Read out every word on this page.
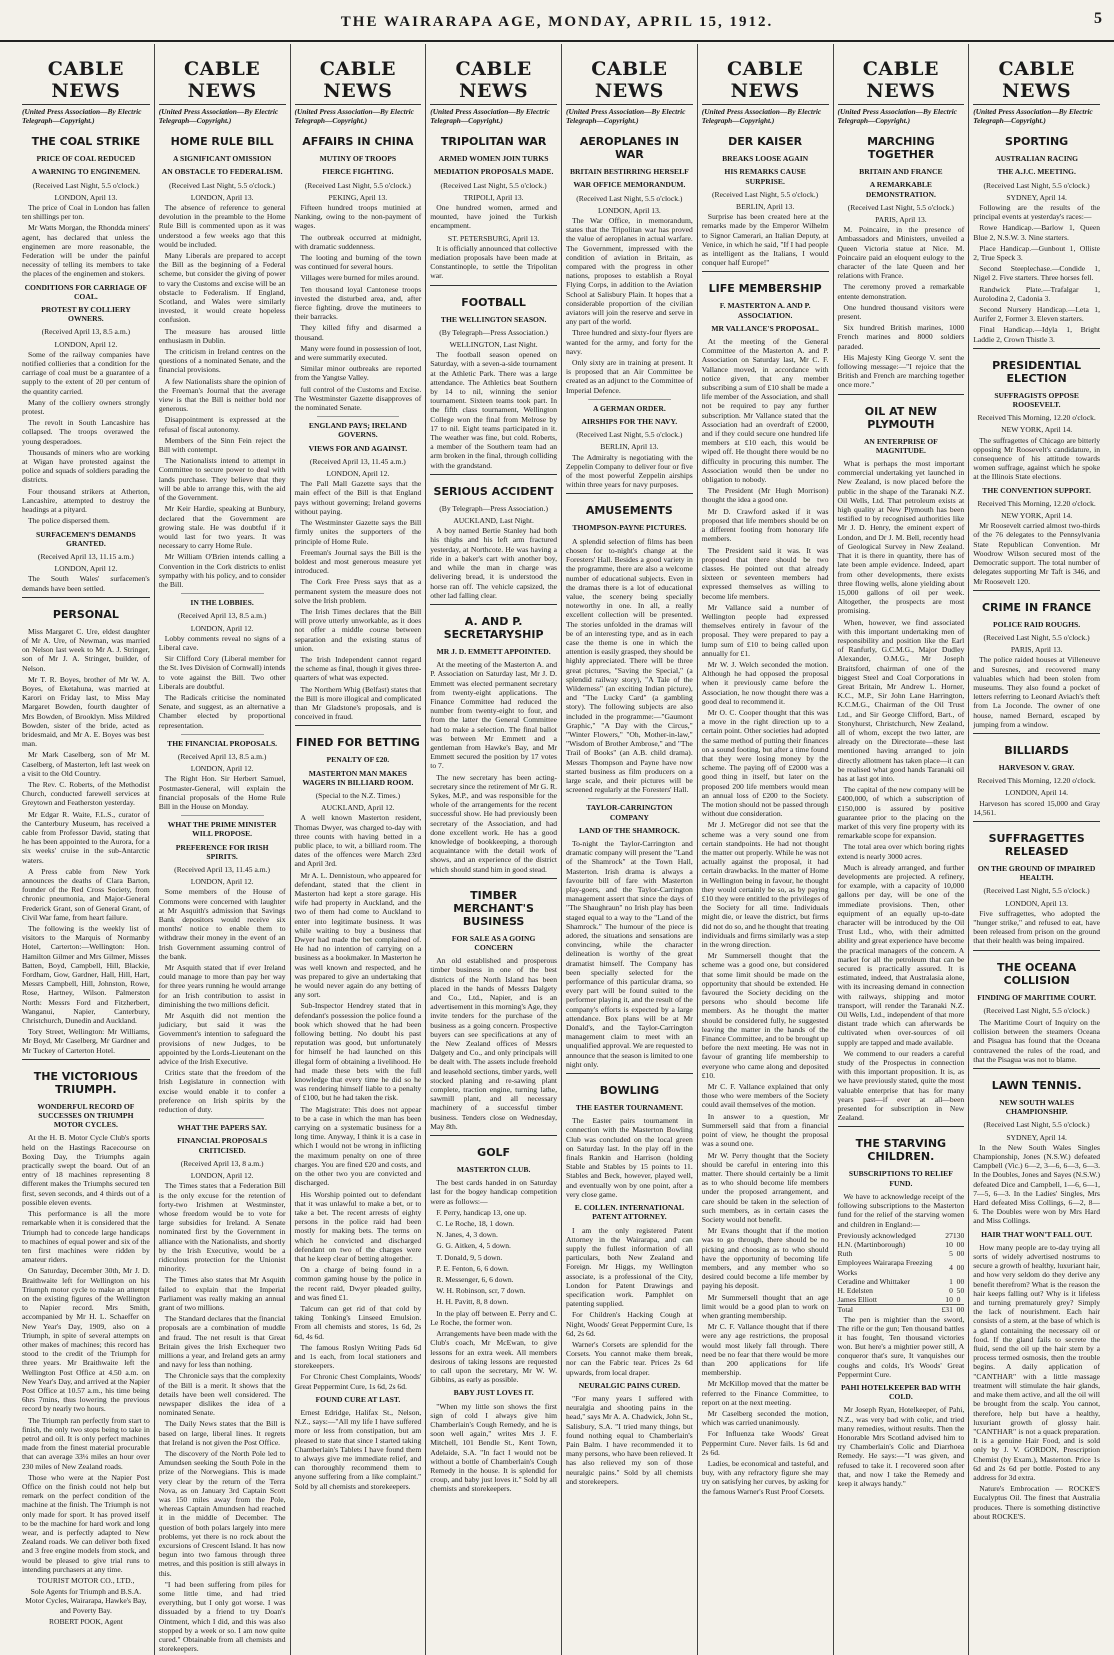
THE WAIRARAPA AGE, MONDAY, APRIL 15, 1912.	5
CABLE NEWS
(United Press Association—By Electric Telegraph—Copyright.)
THE COAL STRIKE
PRICE OF COAL REDUCED
A WARNING TO ENGINEMEN.
(Received Last Night, 5.5 o'clock.)
LONDON, April 13.

The price of Coal in London has fallen ten shillings per ton.

Mr Watts Morgan, the Rhondda miners' agent, has declared that unless the enginemen are more reasonable, the Federation will be under the painful necessity of telling its members to take the places of the enginemen and stokers.

CONDITIONS FOR CARRIAGE OF COAL.
PROTEST BY COLLIERY OWNERS.
(Received April 13, 8.5 a.m.)
LONDON, April 12.

Some of the railway companies have notified collieries that a condition for the carriage of coal must be a guarantee of a supply to the extent of 20 per centum of the quantity carried.

Many of the colliery owners strongly protest.

The revolt in South Lancashire has collapsed. The troops overawed the young desperadoes.

Thousands of miners who are working at Wigan have protested against the police and squads of soldiers parading the districts.

Four thousand strikers at Atherton, Lancashire, attempted to destroy the headings at a pityard.

The police dispersed them.

SURFACEMEN'S DEMANDS GRANTED.
(Received April 13, 11.15 a.m.)
LONDON, April 12.

The South Wales' surfacemen's demands have been settled.

PERSONAL

Miss Margaret C. Ure, eldest daughter of Mr A. Ure, of Newman, was married on Nelson last week to Mr A. J. Stringer, son of Mr J. A. Stringer, builder, of Nelson.

Mr T. R. Boyes, brother of Mr W. A. Boyes, of Eketahuna, was married at Karori on Friday last, to Miss May Margaret Bowden, fourth daughter of Mrs Bowden, of Brooklyn. Miss Mildred Bowden, sister of the bride, acted as bridesmaid, and Mr A. E. Boyes was best man.

Mr Mark Caselberg, son of Mr M. Caselberg, of Masterton, left last week on a visit to the Old Country.

The Rev. C. Roberts, of the Methodist Church, conducted farewell services at Greytown and Featherston yesterday.

Mr Edgar R. Waite, F.L.S., curator of the Canterbury Museum, has received a cable from Professor David, stating that he has been appointed to the Aurora, for a six weeks' cruise in the sub-Antarctic waters.

A Press cable from New York announces the deaths of Clara Barton, founder of the Red Cross Society, from chronic pneumonia, and Major-General Frederick Grant, son of General Grant, of Civil War fame, from heart failure.

The following is the weekly list of visitors to the Marquis of Normanby Hotel, Carterton:—Wellington: Hon. Hamilton Gilmer and Mrs Gilmer, Misses Batten, Boyd, Campbell, Hill, Blackie, Fordham, Gow, Gardner, Hall, Hill, Hart, Messrs Campbell, Hill, Johnston, Rowe, Rose, Hartney, Wilson. Palmerston North: Messrs Ford and Fitzherbert, Wanganui, Napier, Canterbury, Christchurch, Dunedin and Auckland.

Tory Street, Wellington: Mr Williams, Mr Boyd, Mr Caselberg, Mr Gardner and Mr Tuckey of Carterton Hotel.

THE VICTORIOUS TRIUMPH.
WONDERFUL RECORD OF SUCCESSES ON TRIUMPH MOTOR CYCLES.

At the H. B. Motor Cycle Club's sports held on the Hastings Racecourse on Boxing Day, the Triumphs again practically swept the board. Out of an entry of 18 machines representing 8 different makes the Triumphs secured ten first, seven seconds, and 4 thirds out of a possible eleven events.

This performance is all the more remarkable when it is considered that the Triumph had to concede large handicaps to machines of equal power and six of the ten first machines were ridden by amateur riders.

On Saturday, December 30th, Mr J. D. Braithwaite left for Wellington on his Triumph motor cycle to make an attempt on the existing figures of the Wellington to Napier record. Mrs Smith, accompanied by Mr H. L. Schaeffer on New Year's Day, 1909, also on a Triumph, in spite of several attempts on other makes of machines; this record has stood to the credit of the Triumph for three years. Mr Braithwaite left the Wellington Post Office at 4.50 a.m. on New Year's Day, and arrived at the Napier Post Office at 10.57 a.m., his time being 6hrs 7mins, thus lowering the previous record by nearly two hours.

The Triumph ran perfectly from start to finish, the only two stops being to take in petrol and oil. It is only perfect machines made from the finest material procurable that can average 33¼ miles an hour over 230 miles of New Zealand roads.

Those who were at the Napier Post Office on the finish could not help but remark on the perfect condition of the machine at the finish. The Triumph is not only made for sport. It has proved itself to be the machine for hard work and long wear, and is perfectly adapted to New Zealand roads. We can deliver both fixed and 3 free engine models from stock, and would be pleased to give trial runs to intending purchasers at any time.

TOURIST MOTOR CO., LTD.,
Sole Agents for Triumph and B.S.A. Motor Cycles, Wairarapa, Hawke's Bay, and Poverty Bay.
ROBERT POOK, Agent
CABLE NEWS
(United Press Association—By Electric Telegraph—Copyright.)
HOME RULE BILL
A SIGNIFICANT OMISSION
AN OBSTACLE TO FEDERALISM.
(Received Last Night, 5.5 o'clock.)
LONDON, April 13.

The absence of reference to general devolution in the preamble to the Home Rule Bill is commented upon as it was understood a few weeks ago that this would be included.

Many Liberals are prepared to accept the Bill as the beginning of a Federal scheme, but consider the giving of power to vary the Customs and excise will be an obstacle to Federalism. If England, Scotland, and Wales were similarly invested, it would create hopeless confusion.

The measure has aroused little enthusiasm in Dublin.

The criticism in Ireland centres on the questions of a nominated Senate, and the financial provisions.

A few Nationalists share the opinion of the Freeman's Journal that the average view is that the Bill is neither bold nor generous.

Disappointment is expressed at the refusal of fiscal autonomy.

Members of the Sinn Fein reject the Bill with contempt.

The Nationalists intend to attempt in Committee to secure power to deal with lands purchase. They believe that they will be able to arrange this, with the aid of the Government.

Mr Keir Hardie, speaking at Bunbury, declared that the Government are growing stale. He was doubtful if it would last for two years. It was necessary to carry Home Rule.

Mr William O'Brien intends calling a Convention in the Cork districts to enlist sympathy with his policy, and to consider the Bill.

IN THE LOBBIES.
(Received April 13, 8.5 a.m.)
LONDON, April 12.

Lobby comments reveal no signs of a Liberal cave.

Sir Clifford Cory (Liberal member for the St. Ives Division of Cornwall) intends to vote against the Bill. Two other Liberals are doubtful.

The Radicals criticise the nominated Senate, and suggest, as an alternative a Chamber elected by proportional representation.

THE FINANCIAL PROPOSALS.
(Received April 13, 8.5 a.m.)
LONDON, April 12.

The Right Hon. Sir Herbert Samuel, Postmaster-General, will explain the financial proposals of the Home Rule Bill in the House on Monday.

WHAT THE PRIME MINISTER WILL PROPOSE.
PREFERENCE FOR IRISH SPIRITS.
(Received April 13, 11.45 a.m.)
LONDON, April 12.

Some members of the House of Commons were concerned with laughter at Mr Asquith's admission that Savings Bank depositors would receive six months' notice to enable them to withdraw their money in the event of an Irish Government assuming control of the bank.

Mr Asquith stated that if ever Ireland could manage to more than pay her way for three years running he would arrange for an Irish contribution to assist in diminishing the two millions deficit.

Mr Asquith did not mention the judiciary, but said it was the Government's intention to safeguard the provisions of new Judges, to be appointed by the Lords-Lieutenant on the advice of the Irish Executive.

Critics state that the freedom of the Irish Legislature in connection with excise would enable it to confer a preference on Irish spirits by the reduction of duty.

WHAT THE PAPERS SAY.
FINANCIAL PROPOSALS CRITICISED.
(Received April 13, 8 a.m.)
LONDON, April 12.

The Times states that a Federation Bill is the only excuse for the retention of forty-two Irishmen at Westminster, whose freedom would be to vote for large subsidies for Ireland. A Senate nominated first by the Government in alliance with the Nationalists, and shortly by the Irish Executive, would be a ridiculous protection for the Unionist minority.

The Times also states that Mr Asquith failed to explain that the Imperial Parliament was really making an annual grant of two millions.

The Standard declares that the financial proposals are a combination of muddle and fraud. The net result is that Great Britain gives the Irish Exchequer two millions a year, and Ireland gets an army and navy for less than nothing.

The Chronicle says that the complexity of the Bill is a merit. It shows that the details have been well considered. The newspaper dislikes the idea of a nominated Senate.

The Daily News states that the Bill is based on large, liberal lines. It regrets that Ireland is not given the Post Office.

The discovery of the North Pole led to Amundsen seeking the South Pole in the prize of the Norwegians. This is made very clear by the return of the Terra Nova, as on January 3rd Captain Scott was 150 miles away from the Pole, whereas Captain Amundsen had reached it in the middle of December. The question of both polars largely into mere problems, yet there is no rock about the excursions of Crescent Island. It has now begun into two famous through three metres, and this position is still always in this.

"I had been suffering from piles for some little time, and had tried everything, but I only got worse. I was dissuaded by a friend to try Doan's Ointment, which I did, and this was also stopped by a week or so. I am now quite cured." Obtainable from all chemists and storekeepers.

CABLE NEWS
(United Press Association—By Electric Telegraph—Copyright.)
AFFAIRS IN CHINA
MUTINY OF TROOPS
FIERCE FIGHTING.
(Received Last Night, 5.5 o'clock.)
PEKING, April 13.

Fifteen hundred troops mutinied at Nanking, owing to the non-payment of wages.

The outbreak occurred at midnight, with dramatic suddenness.

The looting and burning of the town was continued for several hours.

Villages were burned for miles around.

Ten thousand loyal Cantonese troops invested the disturbed area, and, after fierce fighting, drove the mutineers to their barracks.

They killed fifty and disarmed a thousand.

Many were found in possession of loot, and were summarily executed.

Similar minor outbreaks are reported from the Yangtse Valley.

full control of the Customs and Excise. The Westminster Gazette disapproves of the nominated Senate.

ENGLAND PAYS; IRELAND GOVERNS.
VIEWS FOR AND AGAINST.
(Received April 13, 11.45 a.m.)
LONDON, April 12.

The Pall Mall Gazette says that the main effect of the Bill is that England pays without governing; Ireland governs without paying.

The Westminster Gazette says the Bill firmly unites the supporters of the principle of Home Rule.

Freeman's Journal says the Bill is the boldest and most generous measure yet introduced.

The Cork Free Press says that as a permanent system the measure does not solve the Irish problem.

The Irish Times declares that the Bill will prove utterly unworkable, as it does not offer a middle course between separation and the existing status of union.

The Irish Independent cannot regard the scheme as final, though it gives three-quarters of what was expected.

The Northern Whig (Belfast) states that the Bill is more illogical and complicated than Mr Gladstone's proposals, and is conceived in fraud.

FINED FOR BETTING
PENALTY OF £20.
MASTERTON MAN MAKES WAGERS IN BILLIARD ROOM.
(Special to the N.Z. Times.)
AUCKLAND, April 12.

A well known Masterton resident, Thomas Dwyer, was charged to-day with three counts with having betted in a public place, to wit, a billiard room. The dates of the offences were March 23rd and April 3rd.

Mr A. L. Dennistoun, who appeared for defendant, stated that the client in Masterton had kept a store garage. His wife had property in Auckland, and the two of them had come to Auckland to enter into legitimate business. It was while waiting to buy a business that Dwyer had made the bet complained of. He had no intention of carrying on a business as a bookmaker. In Masterton he was well known and respected, and he was prepared to give an undertaking that he would never again do any betting of any sort.

Sub-Inspector Hendrey stated that in defendant's possession the police found a book which showed that he had been following betting. No doubt his past reputation was good, but unfortunately for himself he had launched on this illegal form of obtaining a livelihood. He had made these bets with the full knowledge that every time he did so he was rendering himself liable to a penalty of £100, but he had taken the risk.

The Magistrate: This does not appear to be a case in which the man has been carrying on a systematic business for a long time. Anyway, I think it is a case in which I would not be wrong in inflicting the maximum penalty on one of three charges. You are fined £20 and costs, and on the other two you are convicted and discharged.

His Worship pointed out to defendant that it was unlawful to make a bet, or to take a bet. The recent arrests of eighty persons in the police raid had been mostly for making bets. The terms on which he convicted and discharged defendant on two of the charges were that he keep clear of betting altogether.

On a charge of being found in a common gaming house by the police in the recent raid, Dwyer pleaded guilty, and was fined £1.

Talcum can get rid of that cold by taking Tonking's Linseed Emulsion. From all chemists and stores, 1s 6d, 2s 6d, 4s 6d.

The famous Roslyn Writing Pads 6d and 1s each, from local stationers and storekeepers.

For Chronic Chest Complaints, Woods' Great Peppermint Cure, 1s 6d, 2s 6d.

FOUND CURE AT LAST.

Ernest Edridge, Halifax St., Nelson, N.Z., says:—"All my life I have suffered more or less from constipation, but am pleased to state that since I started taking Chamberlain's Tablets I have found them to always give me immediate relief, and can thoroughly recommend them to anyone suffering from a like complaint." Sold by all chemists and storekeepers.

CABLE NEWS
(United Press Association—By Electric Telegraph—Copyright.)
TRIPOLITAN WAR
ARMED WOMEN JOIN TURKS
MEDIATION PROPOSALS MADE.
(Received Last Night, 5.5 o'clock.)
TRIPOLI, April 13.

One hundred women, armed and mounted, have joined the Turkish encampment.

ST. PETERSBURG, April 13.

It is officially announced that collective mediation proposals have been made at Constantinople, to settle the Tripolitan war.

FOOTBALL
THE WELLINGTON SEASON.
(By Telegraph—Press Association.)
WELLINGTON, Last Night.

The football season opened on Saturday, with a seven-a-side tournament at the Athletic Park. There was a large attendance. The Athletics beat Southern by 14 to nil, winning the senior tournament. Sixteen teams took part. In the fifth class tournament, Wellington College won the final from Melrose by 17 to nil. Eight teams participated in it. The weather was fine, but cold. Roberts, a member of the Southern team had an arm broken in the final, through colliding with the grandstand.

SERIOUS ACCIDENT
(By Telegraph—Press Association.)
AUCKLAND, Last Night.

A boy named Bertie Stanley had both his thighs and his left arm fractured yesterday, at Northcote. He was having a ride in a baker's cart with another boy, and while the man in charge was delivering bread, it is understood the horse ran off. The vehicle capsized, the other lad falling clear.

A. AND P. SECRETARYSHIP
MR J. D. EMMETT APPOINTED.

At the meeting of the Masterton A. and P. Association on Saturday last, Mr J. D. Emmett was elected permanent secretary from twenty-eight applications. The Finance Committee had reduced the number from twenty-eight to four, and from the latter the General Committee had to make a selection. The final ballot was between Mr Emmett and a gentleman from Hawke's Bay, and Mr Emmett secured the position by 17 votes to 7.

The new secretary has been acting-secretary since the retirement of Mr G. R. Sykes, M.P., and was responsible for the whole of the arrangements for the recent successful show. He had previously been secretary of the Association, and had done excellent work. He has a good knowledge of bookkeeping, a thorough acquaintance with the detail work of shows, and an experience of the district which should stand him in good stead.

TIMBER MERCHANT'S BUSINESS
FOR SALE AS A GOING CONCERN

An old established and prosperous timber business in one of the best districts of the North Island has been placed in the hands of Messrs Dalgety and Co., Ltd., Napier, and is an advertisement in this morning's Age, they invite tenders for the purchase of the business as a going concern. Prospective buyers can see specifications at any of the New Zealand offices of Messrs Dalgety and Co., and only principals will be dealt with. The assets include freehold and leasehold sections, timber yards, well stocked planing and re-sawing plant complete, traction engine, turning lathe, sawmill plant, and all necessary machinery of a successful timber business. Tenders close on Wednesday, May 8th.

GOLF
MASTERTON CLUB.

The best cards handed in on Saturday last for the bogey handicap competition were as follows:—

F. Perry, handicap 13, one up.

C. Le Roche, 18, 1 down.

N. Janes, 4, 3 down.

G. G. Aitken, 4, 5 down.

T. Donald, 9, 5 down.

P. E. Fenton, 6, 6 down.

R. Messenger, 6, 6 down.

W. H. Robinson, scr, 7 down.

H. H. Pavitt, 8, 8 down.

In the play off between E. Perry and C. Le Roche, the former won.

Arrangements have been made with the Club's coach, Mr McEwan, to give lessons for an extra week. All members desirous of taking lessons are requested to call upon the secretary, Mr W. W. Gibbins, as early as possible.

BABY JUST LOVES IT.

"When my little son shows the first sign of cold I always give him Chamberlain's Cough Remedy, and he is soon well again," writes Mrs J. F. Mitchell, 101 Bendle St., Kent Town, Adelaide, S.A. "In fact I would not be without a bottle of Chamberlain's Cough Remedy in the house. It is splendid for croup, and baby just loves it." Sold by all chemists and storekeepers.

CABLE NEWS
(United Press Association—By Electric Telegraph—Copyright.)
AEROPLANES IN WAR
BRITAIN BESTIRRING HERSELF
WAR OFFICE MEMORANDUM.
(Received Last Night, 5.5 o'clock.)
LONDON, April 13.

The War Office, in memorandum, states that the Tripolitan war has proved the value of aeroplanes in actual warfare. The Government, impressed with the condition of aviation in Britain, as compared with the progress in other nations, proposes to establish a Royal Flying Corps, in addition to the Aviation School at Salisbury Plain. It hopes that a considerable proportion of the civilian aviators will join the reserve and serve in any part of the world.

Three hundred and sixty-four flyers are wanted for the army, and forty for the navy.

Only sixty are in training at present. It is proposed that an Air Committee be created as an adjunct to the Committee of Imperial Defence.

A GERMAN ORDER.
AIRSHIPS FOR THE NAVY.
(Received Last Night, 5.5 o'clock.)
BERLIN, April 13.

The Admiralty is negotiating with the Zeppelin Company to deliver four or five of the most powerful Zeppelin airships within three years for navy purposes.

AMUSEMENTS
THOMPSON-PAYNE PICTURES.

A splendid selection of films has been chosen for to-night's change at the Foresters' Hall. Besides a good variety in the programme, there are also a welcome number of educational subjects. Even in the dramas there is a lot of educational value, the scenery being specially noteworthy in one. In all, a really excellent collection will be presented. The stories unfolded in the dramas will be of an interesting type, and as in each case the theme is one in which the attention is easily grasped, they should be highly appreciated. There will be three great pictures, "Saving the Special," (a splendid railway story), "A Tale of the Wilderness" (an exciting Indian picture), and "The Lucky Card" (a gambling story). The following subjects are also included in the programme:—"Gaumont Graphic," "A Day with the Circus," "Winter Flowers," "Oh, Mother-in-law," "Wisdom of Brother Ambrose," and "The Trail of Books" (an A.B. child drama). Messrs Thompson and Payne have now started business as film producers on a large scale, and their pictures will be screened regularly at the Foresters' Hall.

TAYLOR-CARRINGTON COMPANY
LAND OF THE SHAMROCK.

To-night the Taylor-Carrington and dramatic company will present the "Land of the Shamrock" at the Town Hall, Masterton. Irish drama is always a favourite bill of fare with Masterton play-goers, and the Taylor-Carrington management assert that since the days of "The Shaughraun" no Irish play has been staged equal to a way to the "Land of the Shamrock." The humour of the piece is adored, the situations and sensations are convincing, while the character delineation is worthy of the great dramatist himself. The Company has been specially selected for the performance of this particular drama, so every part will be found suited to the performer playing it, and the result of the company's efforts is expected by a large attendance. Box plans will be at Mr Donald's, and the Taylor-Carrington management claim to meet with an unqualified approval. We are requested to announce that the season is limited to one night only.

BOWLING
THE EASTER TOURNAMENT.

The Easter pairs tournament in connection with the Masterton Bowling Club was concluded on the local green on Saturday last. In the play off in the finals Rankin and Harrison (holding Stable and Stables by 15 points to 11. Stables and Beck, however, played well, and eventually won by one point, after a very close game.

E. COLLEN. INTERNATIONAL PATENT ATTORNEY.

I am the only registered Patent Attorney in the Wairarapa, and can supply the fullest information of all particulars, both New Zealand and Foreign. Mr Higgs, my Wellington associate, is a professional of the City, London for Patent Drawings and specification work. Pamphlet on patenting supplied.

For Children's Hacking Cough at Night, Woods' Great Peppermint Cure, 1s 6d, 2s 6d.

Warner's Corsets are splendid for the Corsets. You cannot make them break, nor can the Fabric tear. Prices 2s 6d upwards, from local draper.

NEURALGIC PAINS CURED.

"For many years I suffered with neuralgia and shooting pains in the head," says Mr A. A. Chadwick, John St., Salisbury, S.A. "I tried many things, but found nothing equal to Chamberlain's Pain Balm. I have recommended it to many persons, who have been relieved. It has also relieved my son of those neuralgic pains." Sold by all chemists and storekeepers.

CABLE NEWS
(United Press Association—By Electric Telegraph—Copyright.)
DER KAISER
BREAKS LOOSE AGAIN
HIS REMARKS CAUSE SURPRISE.
(Received Last Night, 5.5 o'clock.)
BERLIN, April 13.

Surprise has been created here at the remarks made by the Emperor Wilhelm to Signor Camerari, an Italian Deputy, at Venice, in which he said, "If I had people as intelligent as the Italians, I would conquer half Europe!"

LIFE MEMBERSHIP
F. MASTERTON A. AND P. ASSOCIATION.
MR VALLANCE'S PROPOSAL.

At the meeting of the General Committee of the Masterton A. and P. Association on Saturday last, Mr C. F. Vallance moved, in accordance with notice given, that any member subscribing a sum of £10 shall be made a life member of the Association, and shall not be required to pay any further subscription. Mr Vallance stated that the Association had an overdraft of £2000, and if they could secure one hundred life members at £10 each, this would be wiped off. He thought there would be no difficulty in procuring this number. The Association would then be under no obligation to nobody.

The President (Mr Hugh Morrison) thought the idea a good one.

Mr D. Crawford asked if it was proposed that life members should be on a different footing from honorary life members.

The President said it was. It was proposed that there should be two classes. He pointed out that already sixteen or seventeen members had expressed themselves as willing to become life members.

Mr Vallance said a number of Wellington people had expressed themselves entirely in favour of the proposal. They were prepared to pay a lump sum of £10 to being called upon annually for £1.

Mr W. J. Welch seconded the motion. Although he had opposed the proposal when it previously came before the Association, he now thought there was a good deal to recommend it.

Mr O. C. Cooper thought that this was a move in the right direction up to a certain point. Other societies had adopted the same method of putting their finances on a sound footing, but after a time found that they were losing money by the scheme. The paying off of £2000 was a good thing in itself, but later on the proposed 200 life members would mean an annual loss of £200 to the Society. The motion should not be passed through without due consideration.

Mr J. McGregor did not see that the scheme was a very sound one from certain standpoints. He had not thought the matter out properly. While he was not actually against the proposal, it had certain drawbacks. In the matter of Home in Wellington being in favour, he thought they would certainly be so, as by paying £10 they were entitled to the privileges of the Society for all time. Individuals might die, or leave the district, but firms did not do so, and he thought that treating individuals and firms similarly was a step in the wrong direction.

Mr Summersell thought that the scheme was a good one, but considered that some limit should be made on the opportunity that should be extended. He favoured the Society deciding on the persons who should become life members. As he thought the matter should be considered fully, he suggested leaving the matter in the hands of the Finance Committee, and to be brought up before the next meeting. He was not in favour of granting life membership to everyone who came along and deposited £10.

Mr C. F. Vallance explained that only those who were members of the Society could avail themselves of the motion.

In answer to a question, Mr Summersell said that from a financial point of view, he thought the proposal was a sound one.

Mr W. Perry thought that the Society should be careful in entering into this matter. There should certainly be a limit as to who should become life members under the proposed arrangement, and care should be taken in the selection of such members, as in certain cases the Society would not benefit.

Mr Evans thought that if the motion was to go through, there should be no picking and choosing as to who should have the opportunity of becoming life members, and any member who so desired could become a life member by paying his deposit.

Mr Summersell thought that an age limit would be a good plan to work on when granting membership.

Mr C. F. Vallance thought that if there were any age restrictions, the proposal would most likely fall through. There need be no fear that there would be more than 200 applications for life membership.

Mr McKillop moved that the matter be referred to the Finance Committee, to report on at the next meeting.

Mr Caselberg seconded the motion, which was carried unanimously.

For Influenza take Woods' Great Peppermint Cure. Never fails. 1s 6d and 2s 6d.

Ladies, be economical and tasteful, and buy, with any refractory figure she may try on satisfying her curves, by asking for the famous Warner's Rust Proof Corsets.

CABLE NEWS
(United Press Association—By Electric Telegraph—Copyright.)
MARCHING TOGETHER
BRITAIN AND FRANCE
A REMARKABLE DEMONSTRATION.
(Received Last Night, 5.5 o'clock.)
PARIS, April 13.

M. Poincaire, in the presence of Ambassadors and Ministers, unveiled a Queen Victoria statue at Nice. M. Poincaire paid an eloquent eulogy to the character of the late Queen and her relations with France.

The ceremony proved a remarkable entente demonstration.

One hundred thousand visitors were present.

Six hundred British marines, 1000 French marines and 8000 soldiers paraded.

His Majesty King George V. sent the following message:—"I rejoice that the British and French are marching together once more."

OIL AT NEW PLYMOUTH
AN ENTERPRISE OF MAGNITUDE.

What is perhaps the most important commercial undertaking yet launched in New Zealand, is now placed before the public in the shape of the Taranaki N.Z. Oil Wells, Ltd. That petroleum exists at high quality at New Plymouth has been testified to by recognised authorities like Mr J. D. Henry, the eminent expert of London, and Dr J. M. Bell, recently head of Geological Survey in New Zealand. That it is there in quantity, there has of late been ample evidence. Indeed, apart from other developments, there exists three flowing wells, alone yielding about 15,000 gallons of oil per week. Altogether, the prospects are most promising.

When, however, we find associated with this important undertaking men of responsibility and position like the Earl of Ranfurly, G.C.M.G., Major Dudley Alexander, O.M.G., Mr Joseph Braitsford, chairman of one of the biggest Steel and Coal Corporations in Great Britain, Mr Andrew L. Horner, K.C., M.P., Sir John Lane Harrington, K.C.M.G., Chairman of the Oil Trust Ltd., and Sir George Clifford, Bart., of Stonyhurst, Christchurch, New Zealand, all of whom, except the two latter, are already on the Directorate—these last mentioned having arranged to join directly allotment has taken place—it can be realised what good hands Taranaki oil has at last got into.

The capital of the new company will be £400,000, of which a subscription of £150,000 is assured by positive guarantee prior to the placing on the market of this very fine property with its remarkable scope for expansion.

The total area over which boring rights extend is nearly 3000 acres.

Much is already arranged, and further developments are projected. A refinery, for example, with a capacity of 10,000 gallons per day, will be one of the immediate provisions. Then, other equipment of an equally up-to-date character will be introduced by the Oil Trust Ltd., who, with their admitted ability and great experience have become the practical managers of the concern. A market for all the petroleum that can be secured is practically assured. It is estimated, indeed, that Australasia alone, with its increasing demand in connection with railways, shipping and motor transport, will render the Taranaki N.Z. Oil Wells, Ltd., independent of that more distant trade which can afterwards be cultivated when over-sources of oil supply are tapped and made available.

We commend to our readers a careful study of the Prospectus in connection with this important proposition. It is, as we have previously stated, quite the most valuable enterprise that has for many years past—if ever at all—been presented for subscription in New Zealand.

THE STARVING CHILDREN.
SUBSCRIPTIONS TO RELIEF FUND.

We have to acknowledge receipt of the following subscriptions to the Masterton fund for the relief of the starving women and children in England:—

Previously acknowledged	27	13	0
H.N. (Martinborough)	10	0	0
Ruth	5	0	0
Employees Wairarapa Freezing Works	4	0	0
Ceradine and Whittaker	1	0	0
H. Edelsten	0	5	0
James Elliott	10	0	
Total	£31	0	0

The pen is mightier than the sword, The rifle or the gun; Ten thousand battles it has fought, Ten thousand victories won. But here's a mightier power still, A conqueror that's sure, It vanquishes our coughs and colds, It's Woods' Great Peppermint Cure.

PAHI HOTELKEEPER BAD WITH COLD.

Mr Joseph Ryan, Hotelkeeper, of Pahi, N.Z., was very bad with colic, and tried many remedies, without results. Then the Honorable Mrs Scotland advised him to try Chamberlain's Colic and Diarrhoea Remedy. He says:—"I was given, and refused to take it. I recovered soon after that, and now I take the Remedy and keep it always handy."

CABLE NEWS
(United Press Association—By Electric Telegraph—Copyright.)
SPORTING
AUSTRALIAN RACING
THE A.J.C. MEETING.
(Received Last Night, 5.5 o'clock.)
SYDNEY, April 14.

Following are the results of the principal events at yesterday's races:—

Rowe Handicap.—Barlow 1, Queen Blue 2, N.S.W. 3. Nine starters.

Place Handicap.—Gunbout 1, Olliste 2, True Speck 3.

Second Steeplechase.—Condide 1, Nigel 2. Five starters. Three horses fell.

Randwick Plate.—Trafalgar 1, Aurolodina 2, Cadonia 3.

Second Nursery Handicap.—Leta 1, Aurifer 2, Former 3. Eleven starters.

Final Handicap.—Idyla 1, Bright Laddie 2, Crown Thistle 3.

PRESIDENTIAL ELECTION
SUFFRAGISTS OPPOSE ROOSEVELT.
Received This Morning, 12.20 o'clock.
NEW YORK, April 14.

The suffragettes of Chicago are bitterly opposing Mr Roosevelt's candidature, in consequence of his attitude towards women suffrage, against which he spoke at the Illinois State elections.

THE CONVENTION SUPPORT.
Received This Morning, 12.20 o'clock.
NEW YORK, April 14.

Mr Roosevelt carried almost two-thirds of the 76 delegates to the Pennsylvania State Republican Convention. Mr Woodrow Wilson secured most of the Democratic support. The total number of delegates supporting Mr Taft is 346, and Mr Roosevelt 120.

CRIME IN FRANCE
POLICE RAID ROUGHS.
(Received Last Night, 5.5 o'clock.)
PARIS, April 13.

The police raided houses at Villeneuve and Suresnes, and recovered many valuables which had been stolen from museums. They also found a pocket of letters referring to Leonard Aviach's theft from La Joconde. The owner of one house, named Bernard, escaped by jumping from a window.

BILLIARDS
HARVESON V. GRAY.
Received This Morning, 12.20 o'clock.
LONDON, April 14.

Harveson has scored 15,000 and Gray 14,561.

SUFFRAGETTES RELEASED
ON THE GROUND OF IMPAIRED HEALTH.
(Received Last Night, 5.5 o'clock.)
LONDON, April 13.

Five suffragettes, who adopted the "hunger strike," and refused to eat, have been released from prison on the ground that their health was being impaired.

THE OCEANA COLLISION
FINDING OF MARITIME COURT.
(Received Last Night, 5.5 o'clock.)

The Maritime Court of Inquiry on the collision between the steamers Oceana and Pisagua has found that the Oceana contravened the rules of the road, and that the Pisagua was not to blame.

LAWN TENNIS.
NEW SOUTH WALES CHAMPIONSHIP.
(Received Last Night, 5.5 o'clock.)
SYDNEY, April 14.

In the New South Wales Singles Championship, Jones (N.S.W.) defeated Campbell (Vic.) 6—2, 3—6, 6—3, 6—3. In the Doubles, Jones and Sayes (N.S.W.) defeated Dice and Campbell, 1—6, 6—1, 7—5, 6—3. In the Ladies' Singles, Mrs Hard defeated Miss Collings, 6—2, 8—6. The Doubles were won by Mrs Hard and Miss Collings.

HAIR THAT WON'T FALL OUT.

How many people are to-day trying all sorts of widely advertised nostrums to secure a growth of healthy, luxuriant hair, and how very seldom do they derive any benefit therefrom? What is the reason the hair keeps falling out? Why is it lifeless and turning prematurely grey? Simply the lack of nourishment. Each hair consists of a stem, at the base of which is a gland containing the necessary oil or food. If the gland fails to secrete the fluid, send the oil up the hair stem by a process termed osmosis, then the trouble begins. A daily application of "CANTHAR" with a little massage treatment will stimulate the hair glands, and make them active, and all the oil will be brought from the scalp. You cannot, therefore, help but have a healthy, luxuriant growth of glossy hair. "CANTHAR" is not a quack preparation. It is a genuine Hair Food, and is sold only by J. V. GORDON, Prescription Chemist (by Exam.), Masterton. Price 1s 6d and 2s 6d per bottle. Posted to any address for 3d extra.

Nature's Embrocation — ROCKE'S Eucalyptus Oil. The finest that Australia produces. There is something distinctive about ROCKE'S.
